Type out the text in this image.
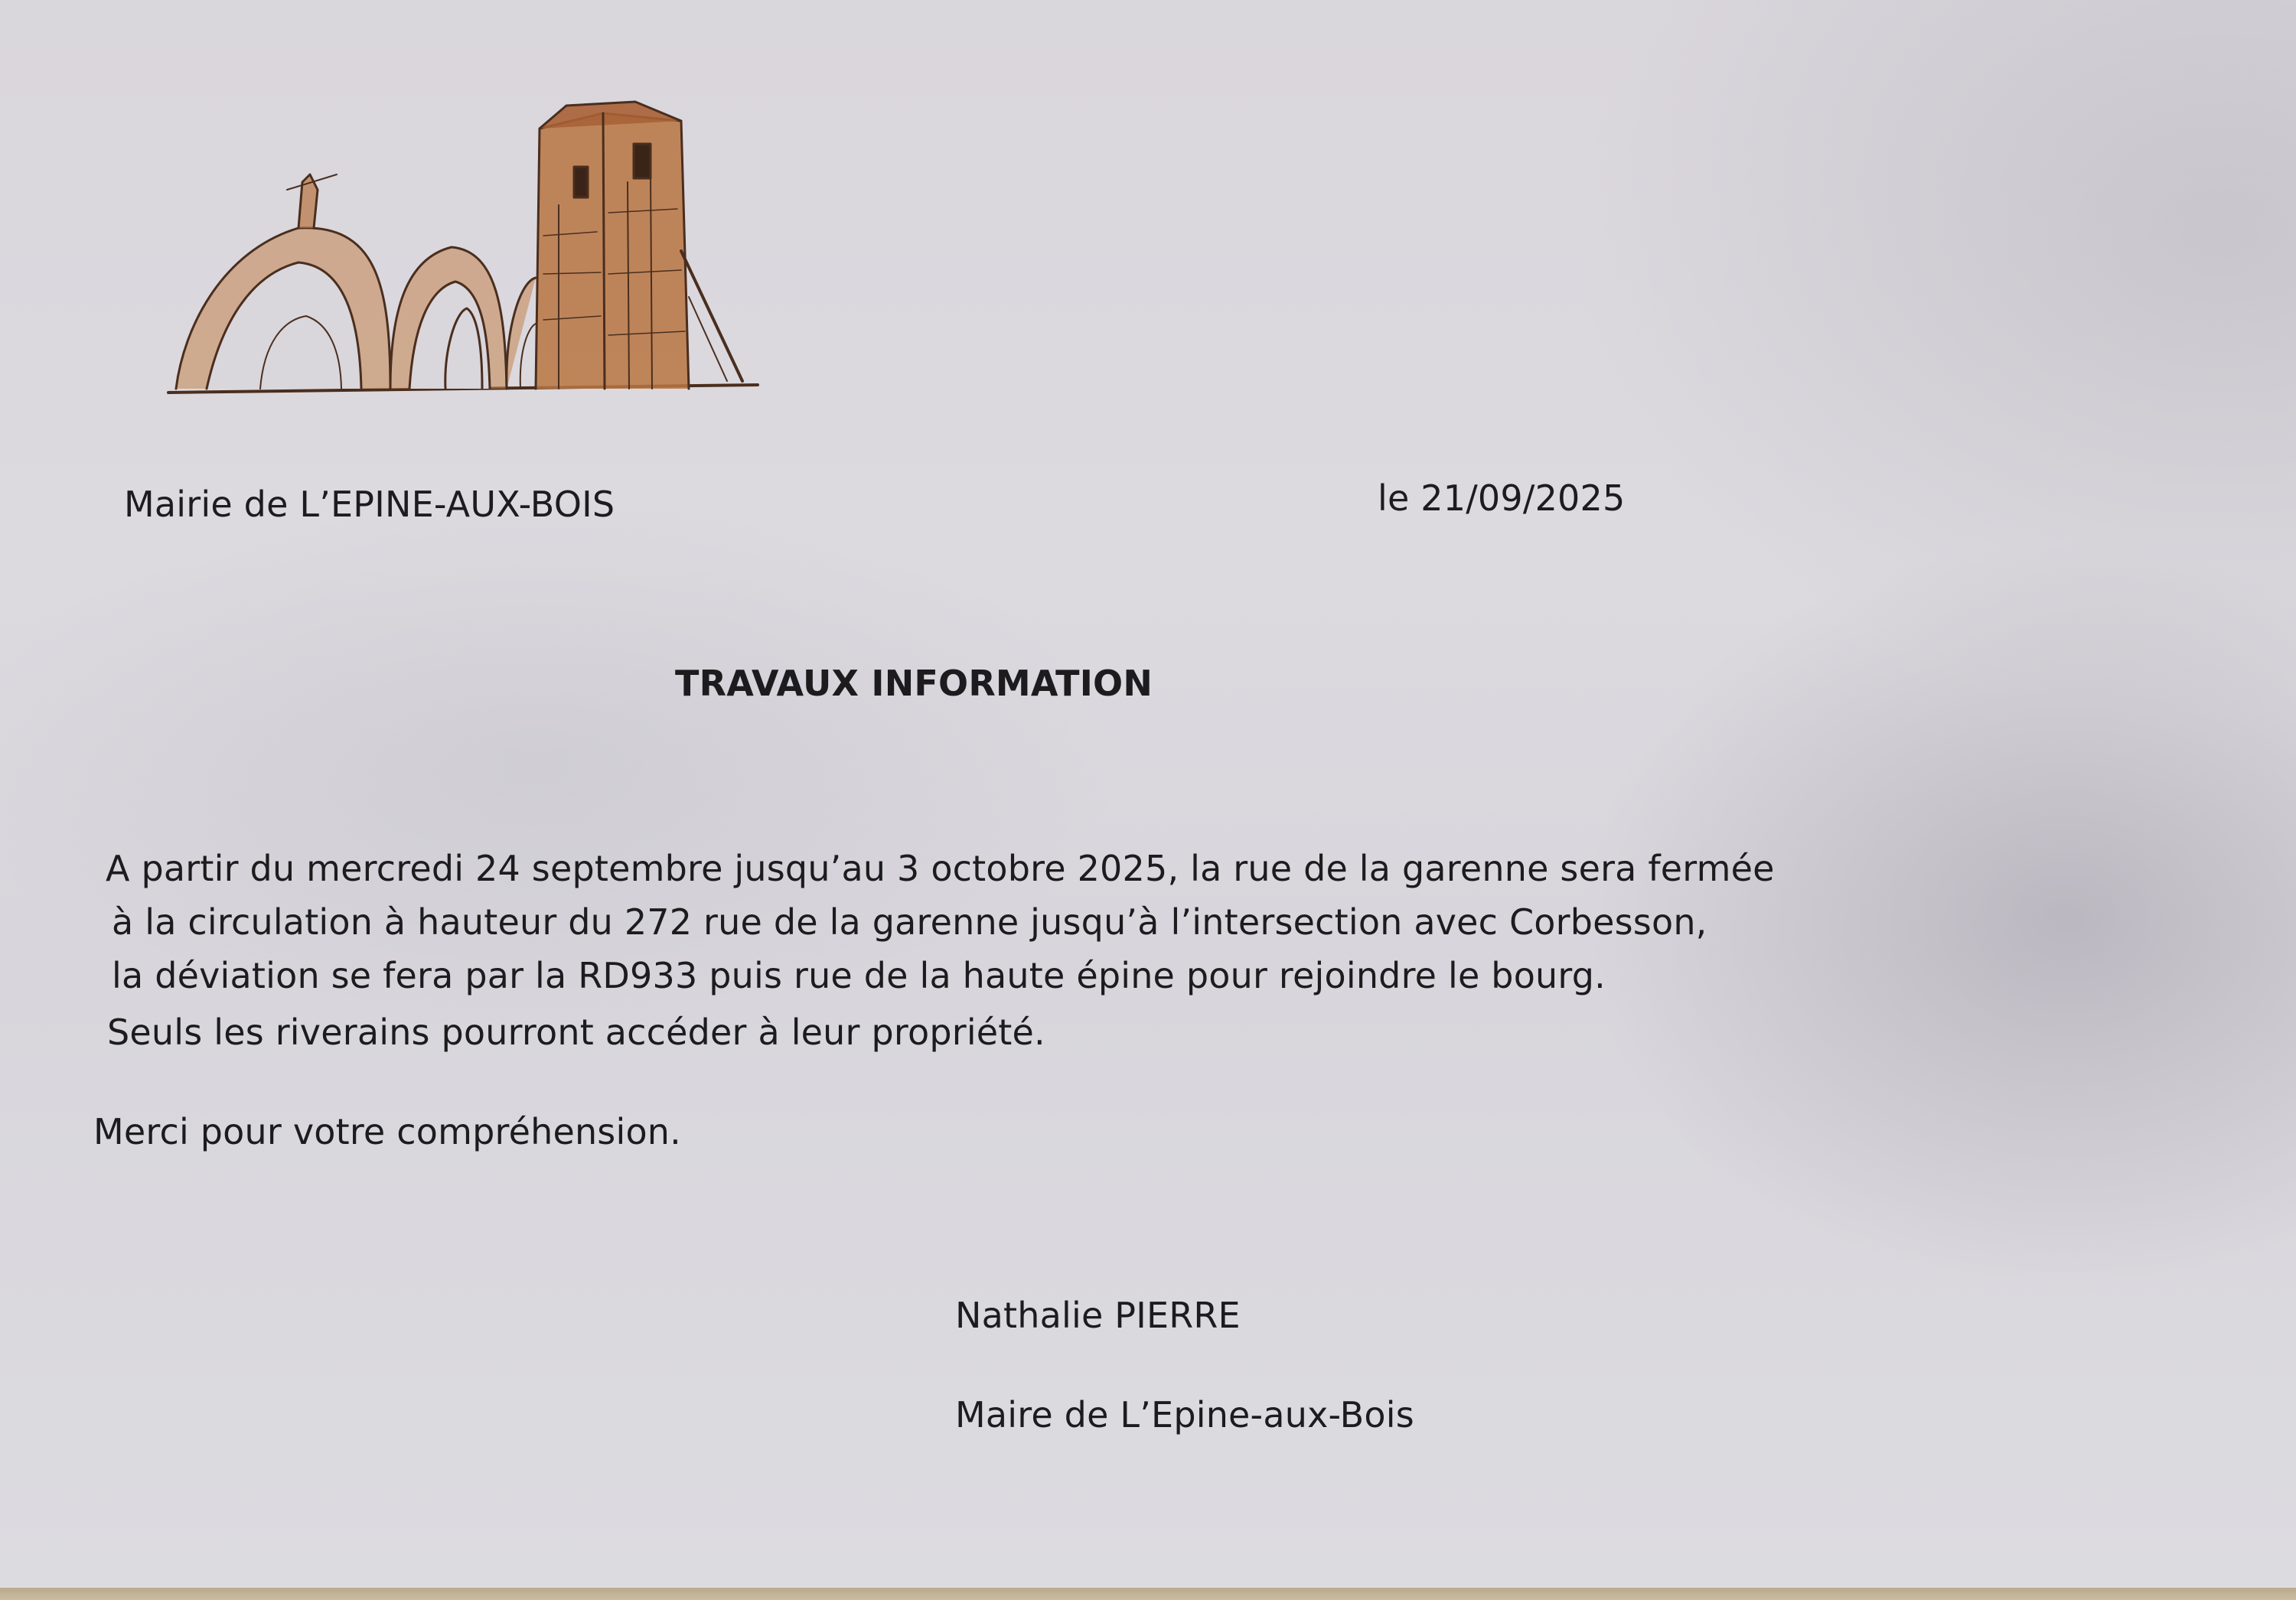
Mairie de L’EPINE-AUX-BOIS	le 21/09/2025
TRAVAUX INFORMATION
A partir du mercredi 24 septembre jusqu’au 3 octobre 2025, la rue de la garenne sera fermée
à la circulation à hauteur du 272 rue de la garenne jusqu’à l’intersection avec Corbesson,
la déviation se fera par la RD933 puis rue de la haute épine pour rejoindre le bourg.
Seuls les riverains pourront accéder à leur propriété.
Merci pour votre compréhension.
Nathalie PIERRE
Maire de L’Epine-aux-Bois
